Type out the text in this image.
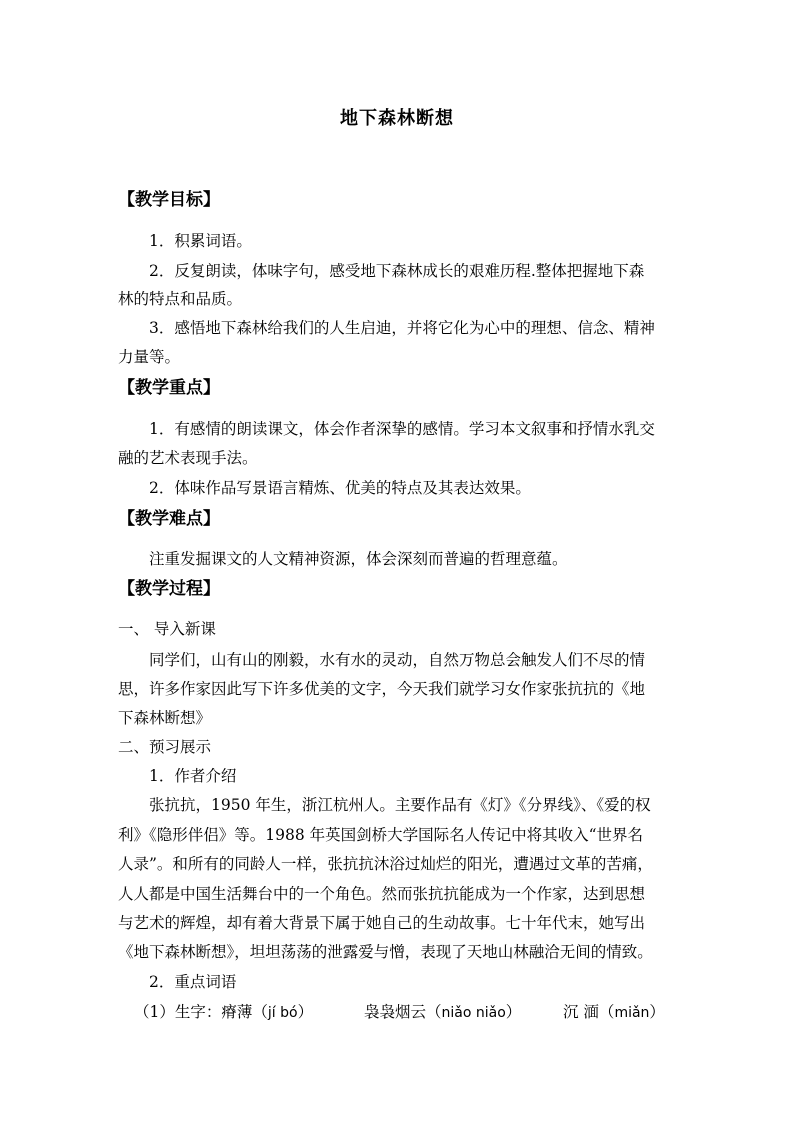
地下森林断想
【教学目标】
1．积累词语。
2．反复朗读，体味字句，感受地下森林成长的艰难历程.整体把握地下森
林的特点和品质。
3．感悟地下森林给我们的人生启迪，并将它化为心中的理想、信念、精神
力量等。
【教学重点】
1．有感情的朗读课文，体会作者深挚的感情。学习本文叙事和抒情水乳交
融的艺术表现手法。
2．体味作品写景语言精炼、优美的特点及其表达效果。
【教学难点】
注重发掘课文的人文精神资源，体会深刻而普遍的哲理意蕴。
【教学过程】
一、 导入新课
同学们，山有山的刚毅，水有水的灵动，自然万物总会触发人们不尽的情
思，许多作家因此写下许多优美的文字，今天我们就学习女作家张抗抗的《地
下森林断想》
二、预习展示
1．作者介绍
张抗抗，1950 年生，浙江杭州人。主要作品有《灯》《分界线》、《爱的权
利》《隐形伴侣》等。1988 年英国剑桥大学国际名人传记中将其收入“世界名
人录”。和所有的同龄人一样，张抗抗沐浴过灿烂的阳光，遭遇过文革的苦痛，
人人都是中国生活舞台中的一个角色。然而张抗抗能成为一个作家，达到思想
与艺术的辉煌，却有着大背景下属于她自己的生动故事。七十年代末，她写出
《地下森林断想》，坦坦荡荡的泄露爱与憎，表现了天地山林融洽无间的情致。
2．重点词语
（1）生字：瘠薄（jí bó）	袅袅烟云（niǎo niǎo）	沉 湎（miǎn）
